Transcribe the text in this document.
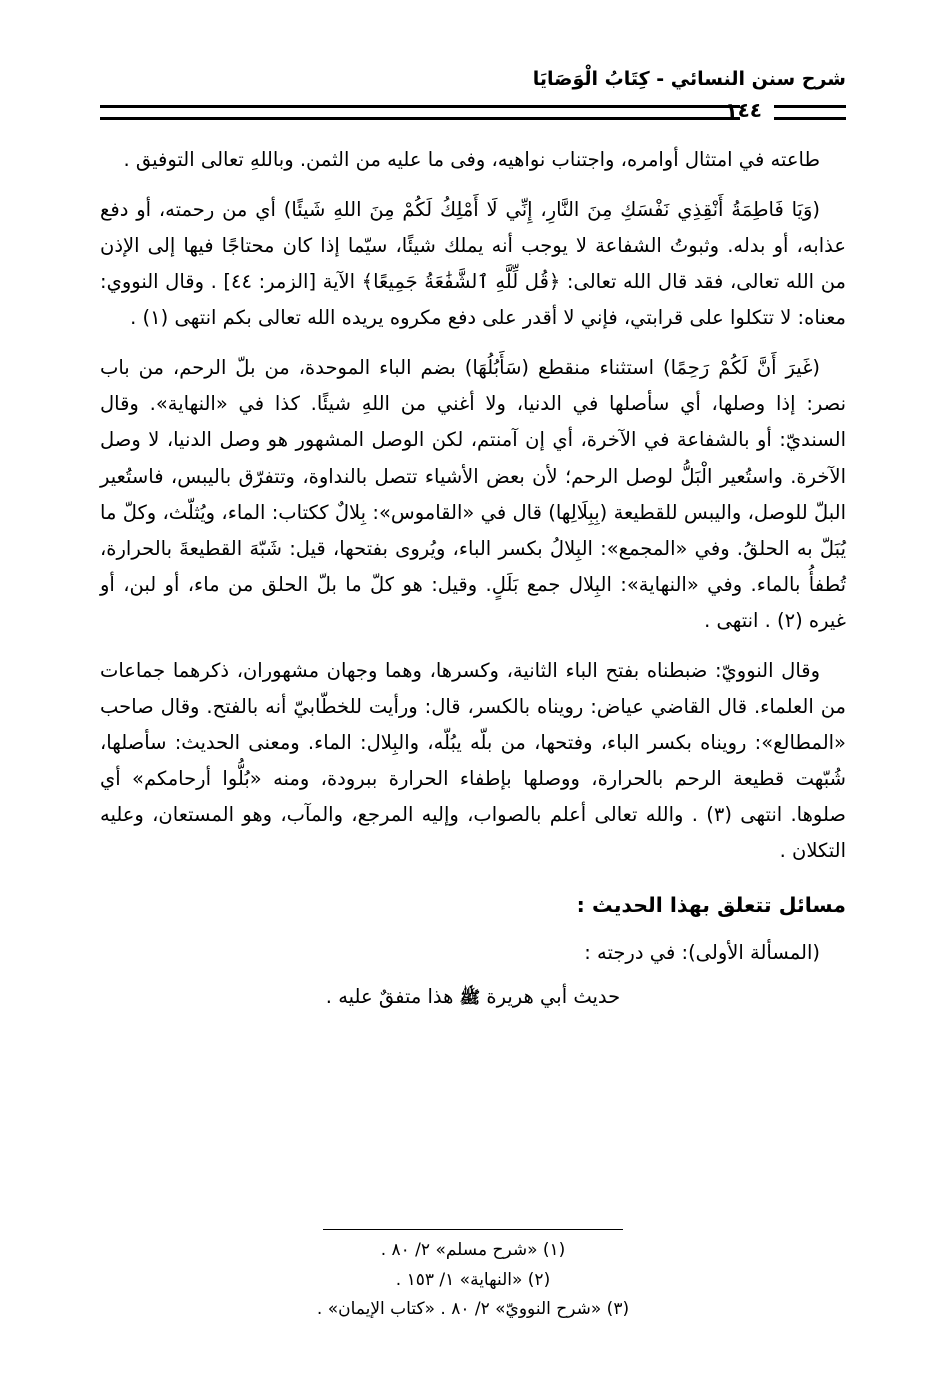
شرح سنن النسائي - كِتَابُ الْوَصَايَا
١٤٤

طاعته في امتثال أوامره، واجتناب نواهيه، وفى ما عليه من الثمن. وباللهِ تعالى التوفيق .

(وَيَا فَاطِمَةُ أَنْقِذِي نَفْسَكِ مِنَ النَّارِ، إِنِّي لَا أَمْلِكُ لَكُمْ مِنَ اللهِ شَيئًا) أي من رحمته، أو دفع عذابه، أو بدله. وثبوتُ الشفاعة لا يوجب أنه يملك شيئًا، سيّما إذا كان محتاجًا فيها إلى الإذن من الله تعالى، فقد قال الله تعالى: ﴿قُل لِّلَّهِ ٱلشَّفَٰعَةُ جَمِيعًا﴾ الآية [الزمر: ٤٤] . وقال النووي: معناه: لا تتكلوا على قرابتي، فإني لا أقدر على دفع مكروه يريده الله تعالى بكم انتهى (١) .

(غَيرَ أَنَّ لَكُمْ رَحِمًا) استثناء منقطع (سَأَبُلُهَا) بضم الباء الموحدة، من بلّ الرحم، من باب نصر: إذا وصلها، أي سأصلها في الدنيا، ولا أغني من اللهِ شيئًا. كذا في «النهاية». وقال السنديّ: أو بالشفاعة في الآخرة، أي إن آمنتم، لكن الوصل المشهور هو وصل الدنيا، لا وصل الآخرة. واستُعير الْبَلُّ لوصل الرحم؛ لأن بعض الأشياء تتصل بالنداوة، وتتفرّق باليبس، فاستُعير البلّ للوصل، واليبس للقطيعة (بِبِلَالِها) قال في «القاموس»: بِلالٌ ككتاب: الماء، ويُثلّث، وكلّ ما يُبَلّ به الحلقُ. وفي «المجمع»: البِلالُ بكسر الباء، ويُروى بفتحها، قيل: شَبّهَ القطيعةَ بالحرارة، تُطفأُ بالماء. وفي «النهاية»: البِلال جمع بَلَلٍ. وقيل: هو كلّ ما بلّ الحلق من ماء، أو لبن، أو غيره (٢) . انتهى .

وقال النوويّ: ضبطناه بفتح الباء الثانية، وكسرها، وهما وجهان مشهوران، ذكرهما جماعات من العلماء. قال القاضي عياض: رويناه بالكسر، قال: ورأيت للخطّابيّ أنه بالفتح. وقال صاحب «المطالع»: رويناه بكسر الباء، وفتحها، من بلّه يبُلّه، والبِلال: الماء. ومعنى الحديث: سأصلها، شُبّهت قطيعة الرحم بالحرارة، ووصلها بإطفاء الحرارة ببرودة، ومنه «بُلُّوا أرحامكم» أي صلوها. انتهى (٣) . والله تعالى أعلم بالصواب، وإليه المرجع، والمآب، وهو المستعان، وعليه التكلان .

مسائل تتعلق بهذا الحديث :
(المسألة الأولى): في درجته :
حديث أبي هريرة ﷺ هذا متفقٌ عليه .
(١) «شرح مسلم» ٢/ ٨٠ .
(٢) «النهاية» ١/ ١٥٣ .
(٣) «شرح النوويّ» ٢/ ٨٠ . «كتاب الإيمان» .
